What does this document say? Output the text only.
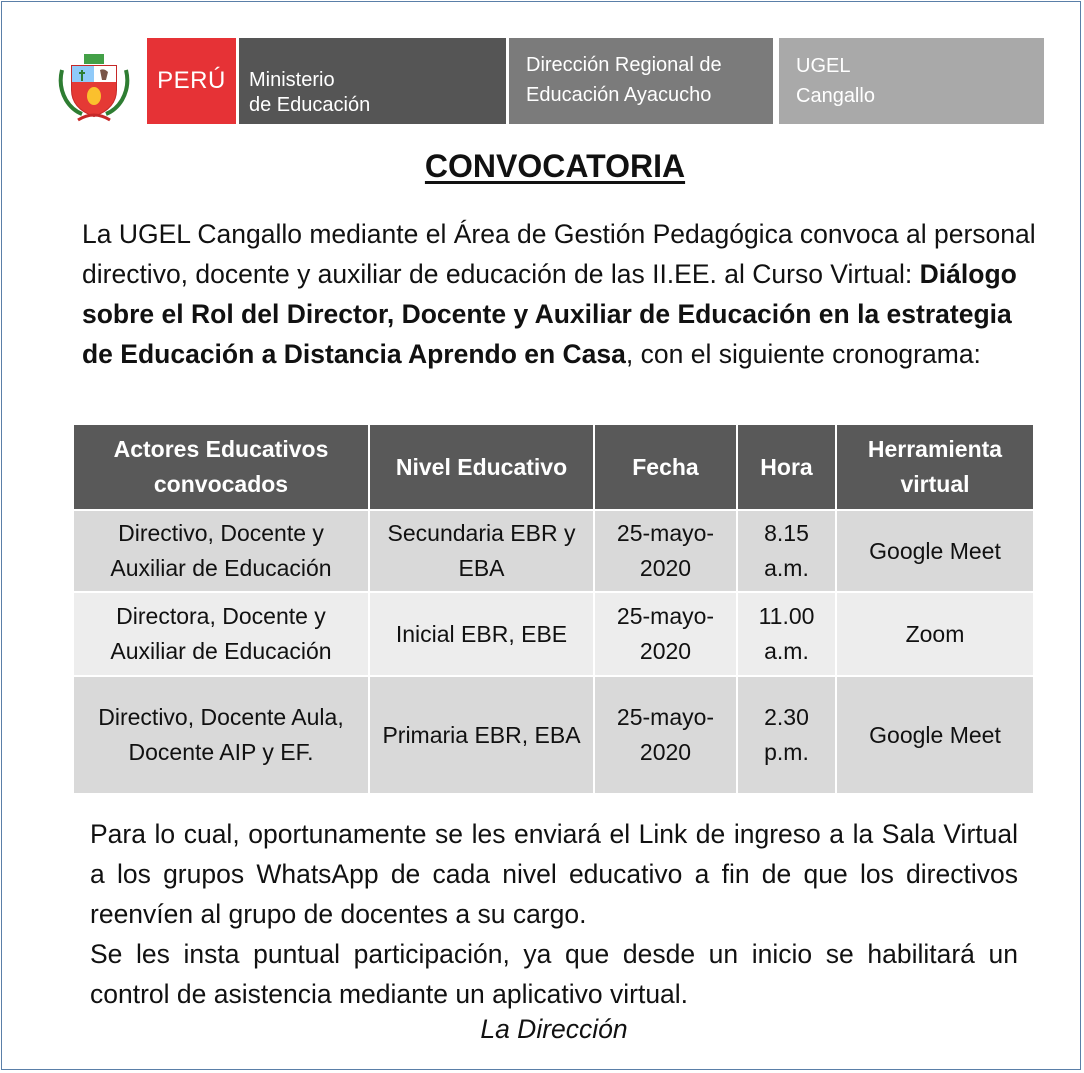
PERÚ Ministerio
de Educación
Dirección Regional de
Educación Ayacucho
UGEL
Cangallo
CONVOCATORIA

La UGEL Cangallo mediante el Área de Gestión Pedagógica convoca al personal directivo, docente y auxiliar de educación de las II.EE. al Curso Virtual: Diálogo sobre el Rol del Director, Docente y Auxiliar de Educación en la estrategia de Educación a Distancia Aprendo en Casa, con el siguiente cronograma:

Actores Educativos convocados	Nivel Educativo	Fecha	Hora	Herramienta virtual
Directivo, Docente y Auxiliar de Educación	Secundaria EBR y EBA	25-mayo-2020	8.15 a.m.	Google Meet
Directora, Docente y Auxiliar de Educación	Inicial EBR, EBE	25-mayo-2020	11.00 a.m.	Zoom
Directivo, Docente Aula, Docente AIP y EF.	Primaria EBR, EBA	25-mayo-2020	2.30 p.m.	Google Meet
Para lo cual, oportunamente se les enviará el Link de ingreso a la Sala Virtual a los grupos WhatsApp de cada nivel educativo a fin de que los directivos reenvíen al grupo de docentes a su cargo.
Se les insta puntual participación, ya que desde un inicio se habilitará un control de asistencia mediante un aplicativo virtual.
La Dirección
